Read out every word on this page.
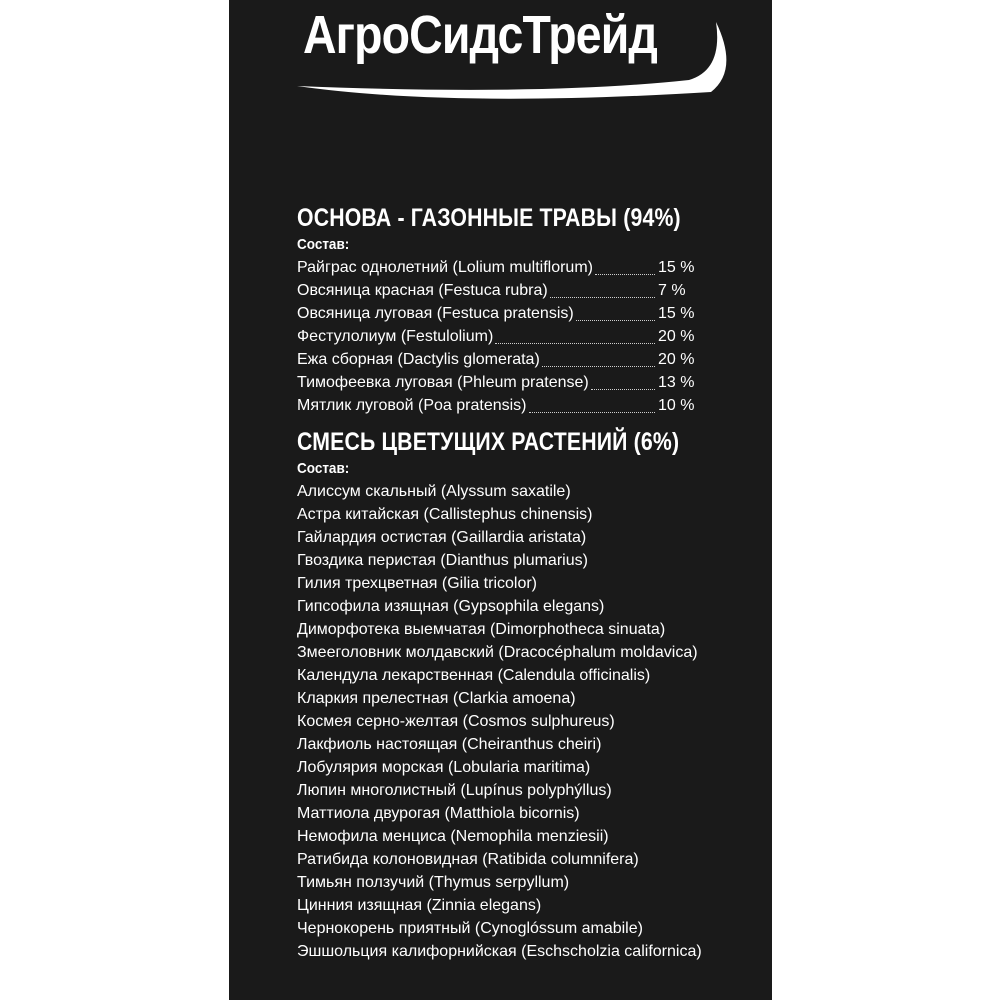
АгроСидсТрейд
ОСНОВА - ГАЗОННЫЕ ТРАВЫ (94%)
Состав:
Райграс однолетний (Lolium multiflorum)	15 %
Овсяница красная (Festuca rubra)	7 %
Овсяница луговая (Festuca pratensis)	15 %
Фестулолиум (Festulolium)	20 %
Ежа сборная (Dactylis glomerata)	20 %
Тимофеевка луговая (Phleum pratense)	13 %
Мятлик луговой (Poa pratensis)	10 %
СМЕСЬ ЦВЕТУЩИХ РАСТЕНИЙ (6%)
Состав:
Алиссум скальный (Alyssum saxatile)
Астра китайская (Callistephus chinensis)
Гайлардия остистая (Gaillardia aristata)
Гвоздика перистая (Dianthus plumarius)
Гилия трехцветная (Gilia tricolor)
Гипсофила изящная (Gypsophila elegans)
Диморфотека выемчатая (Dimorphotheca sinuata)
Змееголовник молдавский (Dracocéphalum moldavica)
Календула лекарственная (Calendula officinalis)
Кларкия прелестная (Clarkia amoena)
Космея серно-желтая (Cosmos sulphureus)
Лакфиоль настоящая (Cheiranthus cheiri)
Лобулярия морская (Lobularia maritima)
Люпин многолистный (Lupínus polyphýllus)
Маттиола двурогая (Matthiola bicornis)
Немофила менциса (Nemophila menziesii)
Ратибида колоновидная (Ratibida columnifera)
Тимьян ползучий (Thymus serpyllum)
Цинния изящная (Zinnia elegans)
Чернокорень приятный (Cynoglóssum amabile)
Эшшольция калифорнийская (Eschscholzia californica)
